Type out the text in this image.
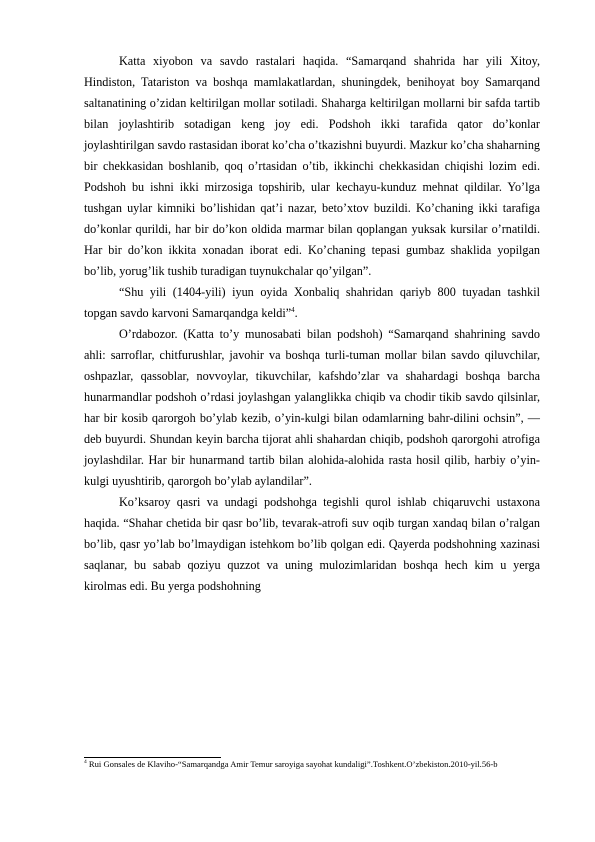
Katta xiyobon va savdo rastalari haqida. “Samarqand shahrida har yili Xitoy, Hindiston, Tatariston va boshqa mamlakatlardan, shuningdek, benihoyat boy Samarqand saltanatining o’zidan keltirilgan mollar sotiladi. Shaharga keltirilgan mollarni bir safda tartib bilan joylashtirib sotadigan keng joy edi. Podshoh ikki tarafida qator do’konlar joylashtirilgan savdo rastasidan iborat ko’cha o’tkazishni buyurdi. Mazkur ko’cha shaharning bir chekkasidan boshlanib, qoq o’rtasidan o’tib, ikkinchi chekkasidan chiqishi lozim edi. Podshoh bu ishni ikki mirzosiga topshirib, ular kechayu-kunduz mehnat qildilar. Yo’lga tushgan uylar kimniki bo’lishidan qat’i nazar, beto’xtov buzildi. Ko’chaning ikki tarafiga do’konlar qurildi, har bir do’kon oldida marmar bilan qoplangan yuksak kursilar o’rnatildi. Har bir do’kon ikkita xonadan iborat edi. Ko’chaning tepasi gumbaz shaklida yopilgan bo’lib, yorug’lik tushib turadigan tuynukchalar qo’yilgan”.

“Shu yili (1404-yili) iyun oyida Xonbaliq shahridan qariyb 800 tuyadan tashkil topgan savdo karvoni Samarqandga keldi”$^4$.

O’rdabozor. (Katta to’y munosabati bilan podshoh) “Samarqand shahrining savdo ahli: sarroflar, chitfurushlar, javohir va boshqa turli-tuman mollar bilan savdo qiluvchilar, oshpazlar, qassoblar, novvoylar, tikuvchilar, kafshdo’zlar va shahardagi boshqa barcha hunarmandlar podshoh o’rdasi joylashgan yalanglikka chiqib va chodir tikib savdo qilsinlar, har bir kosib qarorgoh bo’ylab kezib, o’yin-kulgi bilan odamlarning bahr-dilini ochsin”, — deb buyurdi. Shundan keyin barcha tijorat ahli shahardan chiqib, podshoh qarorgohi atrofiga joylashdilar. Har bir hunarmand tartib bilan alohida-alohida rasta hosil qilib, harbiy o’yin-kulgi uyushtirib, qarorgoh bo’ylab aylandilar”.

Ko’ksaroy qasri va undagi podshohga tegishli qurol ishlab chiqaruvchi ustaxona haqida. “Shahar chetida bir qasr bo’lib, tevarak-atrofi suv oqib turgan xandaq bilan o’ralgan bo’lib, qasr yo’lab bo’lmaydigan istehkom bo’lib qolgan edi. Qayerda podshohning xazinasi saqlanar, bu sabab qoziyu quzzot va uning mulozimlaridan boshqa hech kim u yerga kirolmas edi. Bu yerga podshohning

$^4$ Rui Gonsales de Klaviho-“Samarqandga Amir Temur saroyiga sayohat kundaligi”.Toshkent.O’zbekiston.2010-yil.56-b
